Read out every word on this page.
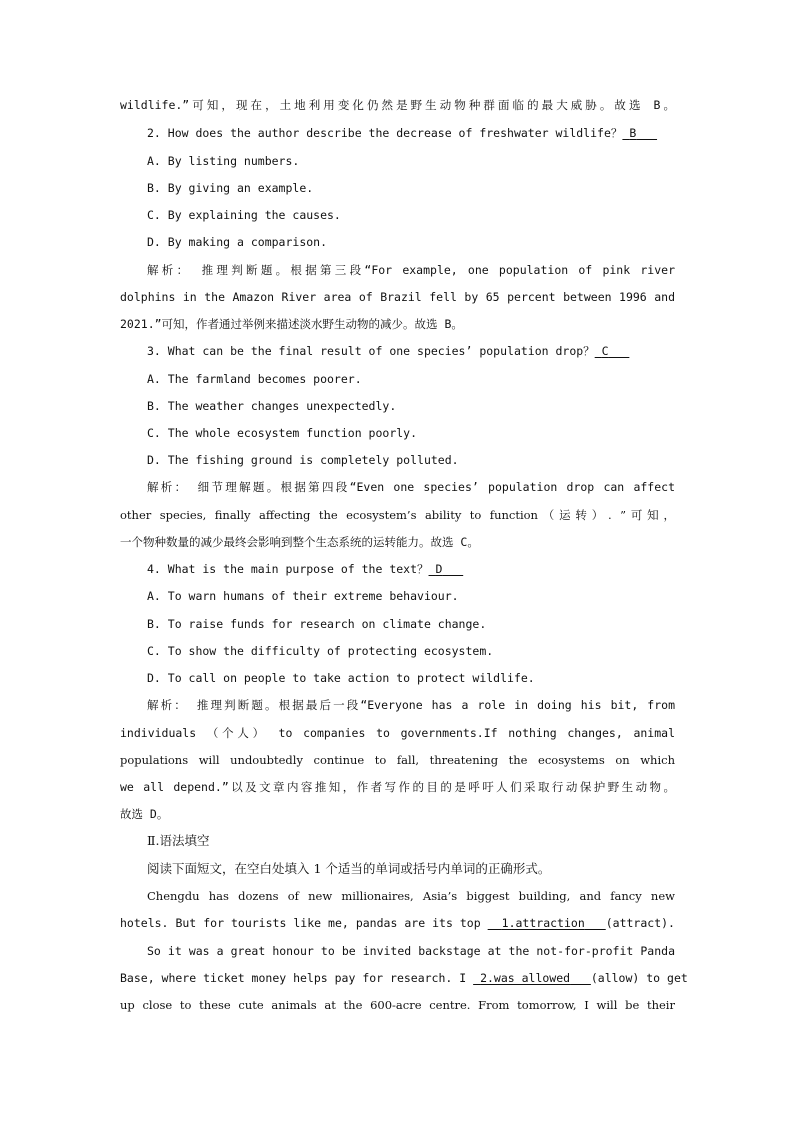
wildlife.”可知，现在，土地利用变化仍然是野生动物种群面临的最大威胁。故选 B。
2. How does the author describe the decrease of freshwater wildlife？ B
A. By listing numbers.
B. By giving an example.
C. By explaining the causes.
D. By making a comparison.
解析： 推理判断题。根据第三段“For example, one population of pink river
dolphins in the Amazon River area of Brazil fell by 65 percent between 1996 and
2021.”可知，作者通过举例来描述淡水野生动物的减少。故选 B。
3. What can be the final result of one species’ population drop？ C
A. The farmland becomes poorer.
B. The weather changes unexpectedly.
C. The whole ecosystem function poorly.
D. The fishing ground is completely polluted.
解析： 细节理解题。根据第四段“Even one species’ population drop can affect
other species, finally affecting the ecosystem’s ability to function（运转）. ”可知，
一个物种数量的减少最终会影响到整个生态系统的运转能力。故选 C。
4. What is the main purpose of the text？ D
A. To warn humans of their extreme behaviour.
B. To raise funds for research on climate change.
C. To show the difficulty of protecting ecosystem.
D. To call on people to take action to protect wildlife.
解析： 推理判断题。根据最后一段“Everyone has a role in doing his bit, from
individuals （个人） to companies to governments.If nothing changes, animal
populations will undoubtedly continue to fall, threatening the ecosystems on which
we all depend.”以及文章内容推知，作者写作的目的是呼吁人们采取行动保护野生动物。
故选 D。
Ⅱ.语法填空
阅读下面短文，在空白处填入 1 个适当的单词或括号内单词的正确形式。
Chengdu has dozens of new millionaires, Asia’s biggest building, and fancy new
hotels. But for tourists like me, pandas are its top 1.attraction (attract).
So it was a great honour to be invited backstage at the not-for-profit Panda
Base, where ticket money helps pay for research. I 2.was allowed (allow) to get
up close to these cute animals at the 600-acre centre. From tomorrow, I will be their
